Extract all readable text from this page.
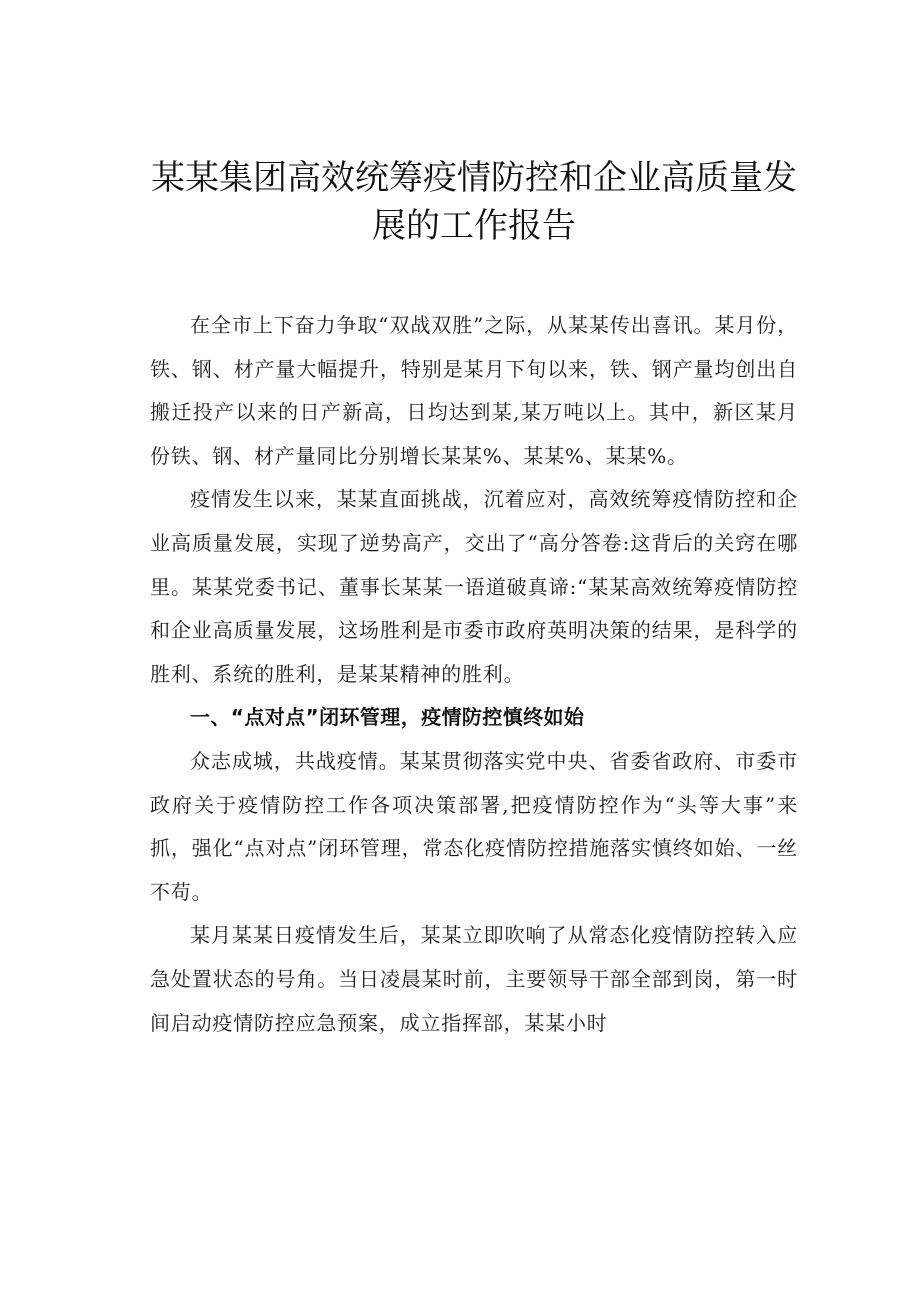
某某集团高效统筹疫情防控和企业高质量发展的工作报告

在全市上下奋力争取“双战双胜”之际，从某某传出喜讯。某月份，铁、钢、材产量大幅提升，特别是某月下旬以来，铁、钢产量均创出自搬迁投产以来的日产新高，日均达到某,某万吨以上。其中，新区某月份铁、钢、材产量同比分别增长某某%、某某%、某某%。

疫情发生以来，某某直面挑战，沉着应对，高效统筹疫情防控和企业高质量发展，实现了逆势高产，交出了“高分答卷:这背后的关窍在哪里。某某党委书记、董事长某某一语道破真谛:“某某高效统筹疫情防控和企业高质量发展，这场胜利是市委市政府英明决策的结果，是科学的胜利、系统的胜利，是某某精神的胜利。

一、“点对点”闭环管理，疫情防控慎终如始

众志成城，共战疫情。某某贯彻落实党中央、省委省政府、市委市政府关于疫情防控工作各项决策部署,把疫情防控作为“头等大事”来抓，强化“点对点”闭环管理，常态化疫情防控措施落实慎终如始、一丝不苟。

某月某某日疫情发生后，某某立即吹响了从常态化疫情防控转入应急处置状态的号角。当日凌晨某时前，主要领导干部全部到岗，第一时间启动疫情防控应急预案，成立指挥部，某某小时
